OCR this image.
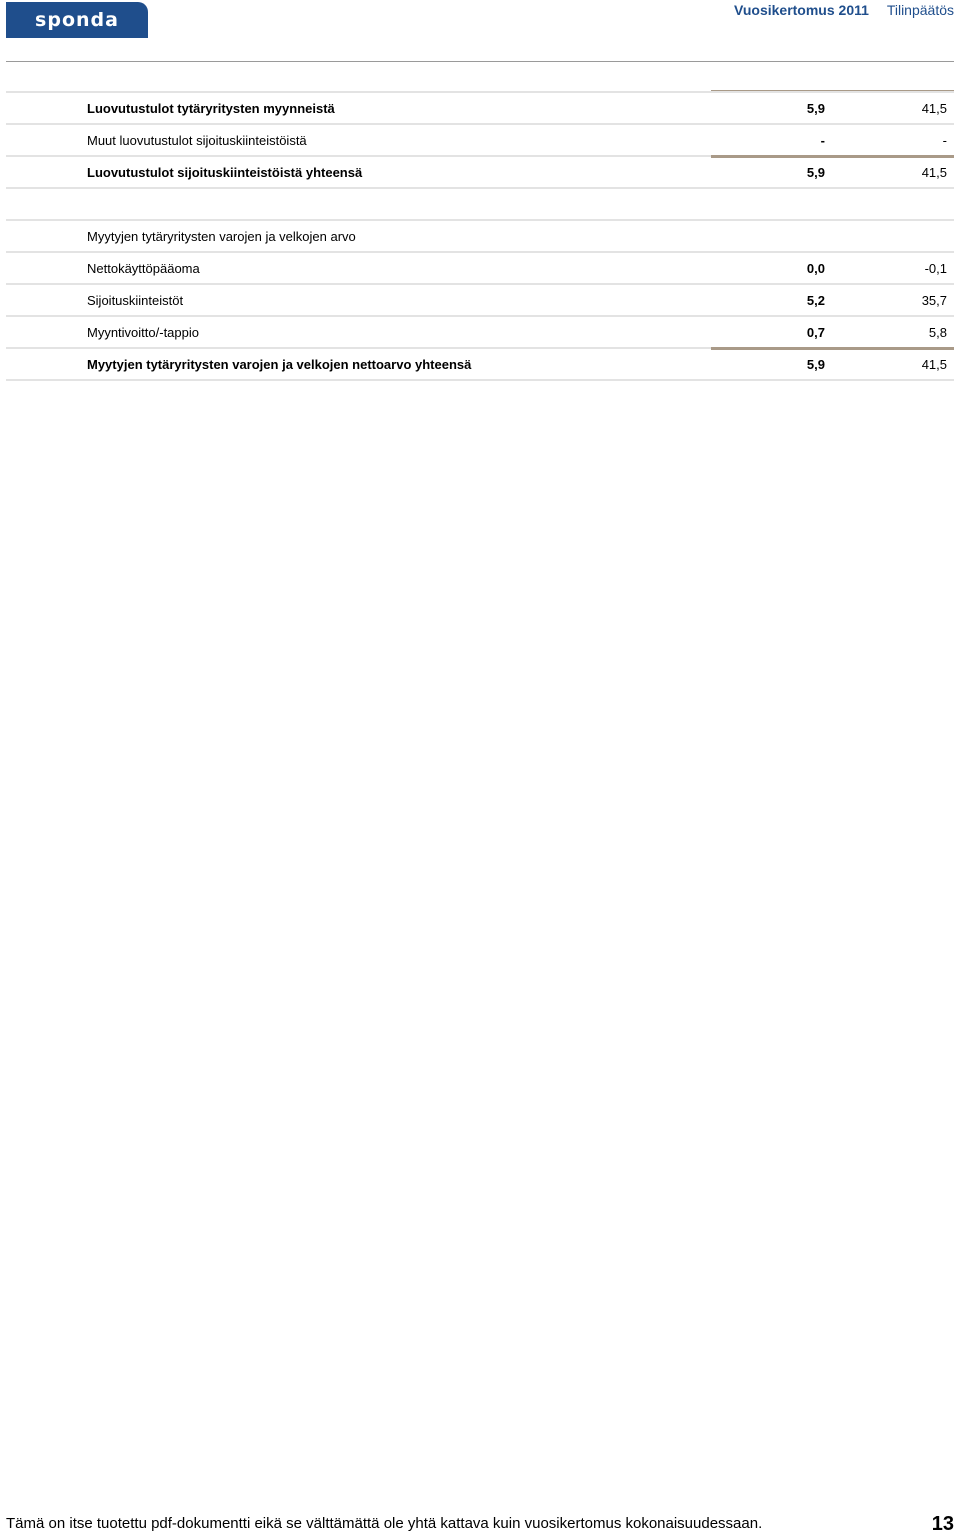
sponda	Vuosikertomus 2011 Tilinpäätös
Luovutustulot tytäryritysten myynneistä	5,9	41,5
Muut luovutustulot sijoituskiinteistöistä	-	-
Luovutustulot sijoituskiinteistöistä yhteensä	5,9	41,5
Myytyjen tytäryritysten varojen ja velkojen arvo
Nettokäyttöpääoma	0,0	-0,1
Sijoituskiinteistöt	5,2	35,7
Myyntivoitto/-tappio	0,7	5,8
Myytyjen tytäryritysten varojen ja velkojen nettoarvo yhteensä	5,9	41,5
Tämä on itse tuotettu pdf-dokumentti eikä se välttämättä ole yhtä kattava kuin vuosikertomus kokonaisuudessaan.	13
